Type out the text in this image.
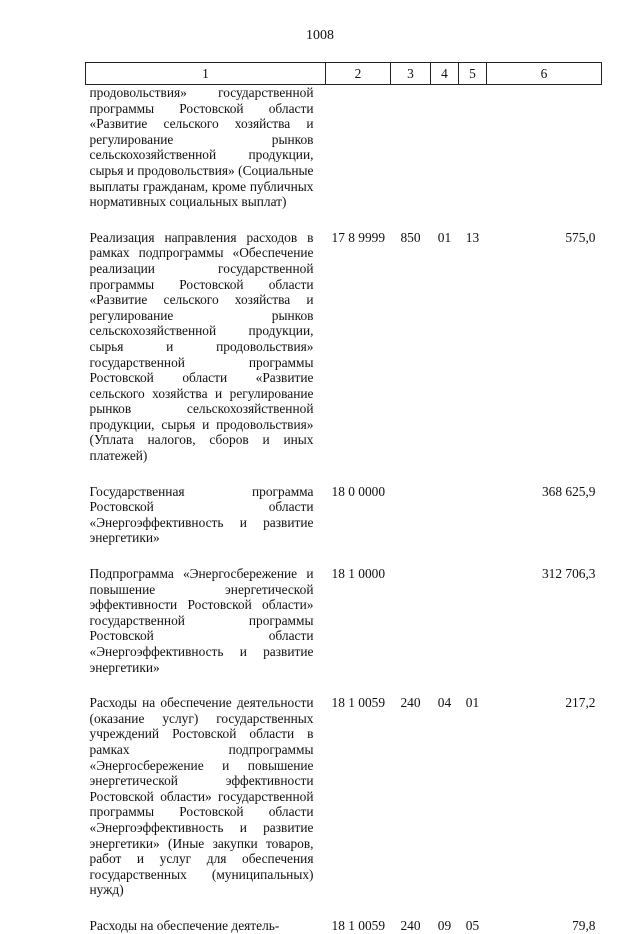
1008
1	2	3	4	5	6
продовольствия» государственной программы Ростовской области «Развитие сельского хозяйства и регулирование рынков сельскохозяйственной продукции, сырья и продовольствия» (Социальные выплаты гражданам, кроме публичных нормативных социальных выплат)					
Реализация направления расходов в рамках подпрограммы «Обеспечение реализации государственной программы Ростовской области «Развитие сельского хозяйства и регулирование рынков сельскохозяйственной продукции, сырья и продовольствия» государственной программы Ростовской области «Развитие сельского хозяйства и регулирование рынков сельскохозяйственной продукции, сырья и продовольствия» (Уплата налогов, сборов и иных платежей)	17 8 9999	850	01	13	575,0
Государственная программа Ростовской области «Энергоэффективность и развитие энергетики»	18 0 0000				368 625,9
Подпрограмма «Энергосбережение и повышение энергетической эффективности Ростовской области» государственной программы Ростовской области «Энергоэффективность и развитие энергетики»	18 1 0000				312 706,3
Расходы на обеспечение деятельности (оказание услуг) государственных учреждений Ростовской области в рамках подпрограммы «Энергосбережение и повышение энергетической эффективности Ростовской области» государственной программы Ростовской области «Энергоэффективность и развитие энергетики» (Иные закупки товаров, работ и услуг для обеспечения государственных (муниципальных) нужд)	18 1 0059	240	04	01	217,2
Расходы на обеспечение деятель-	18 1 0059	240	09	05	79,8
